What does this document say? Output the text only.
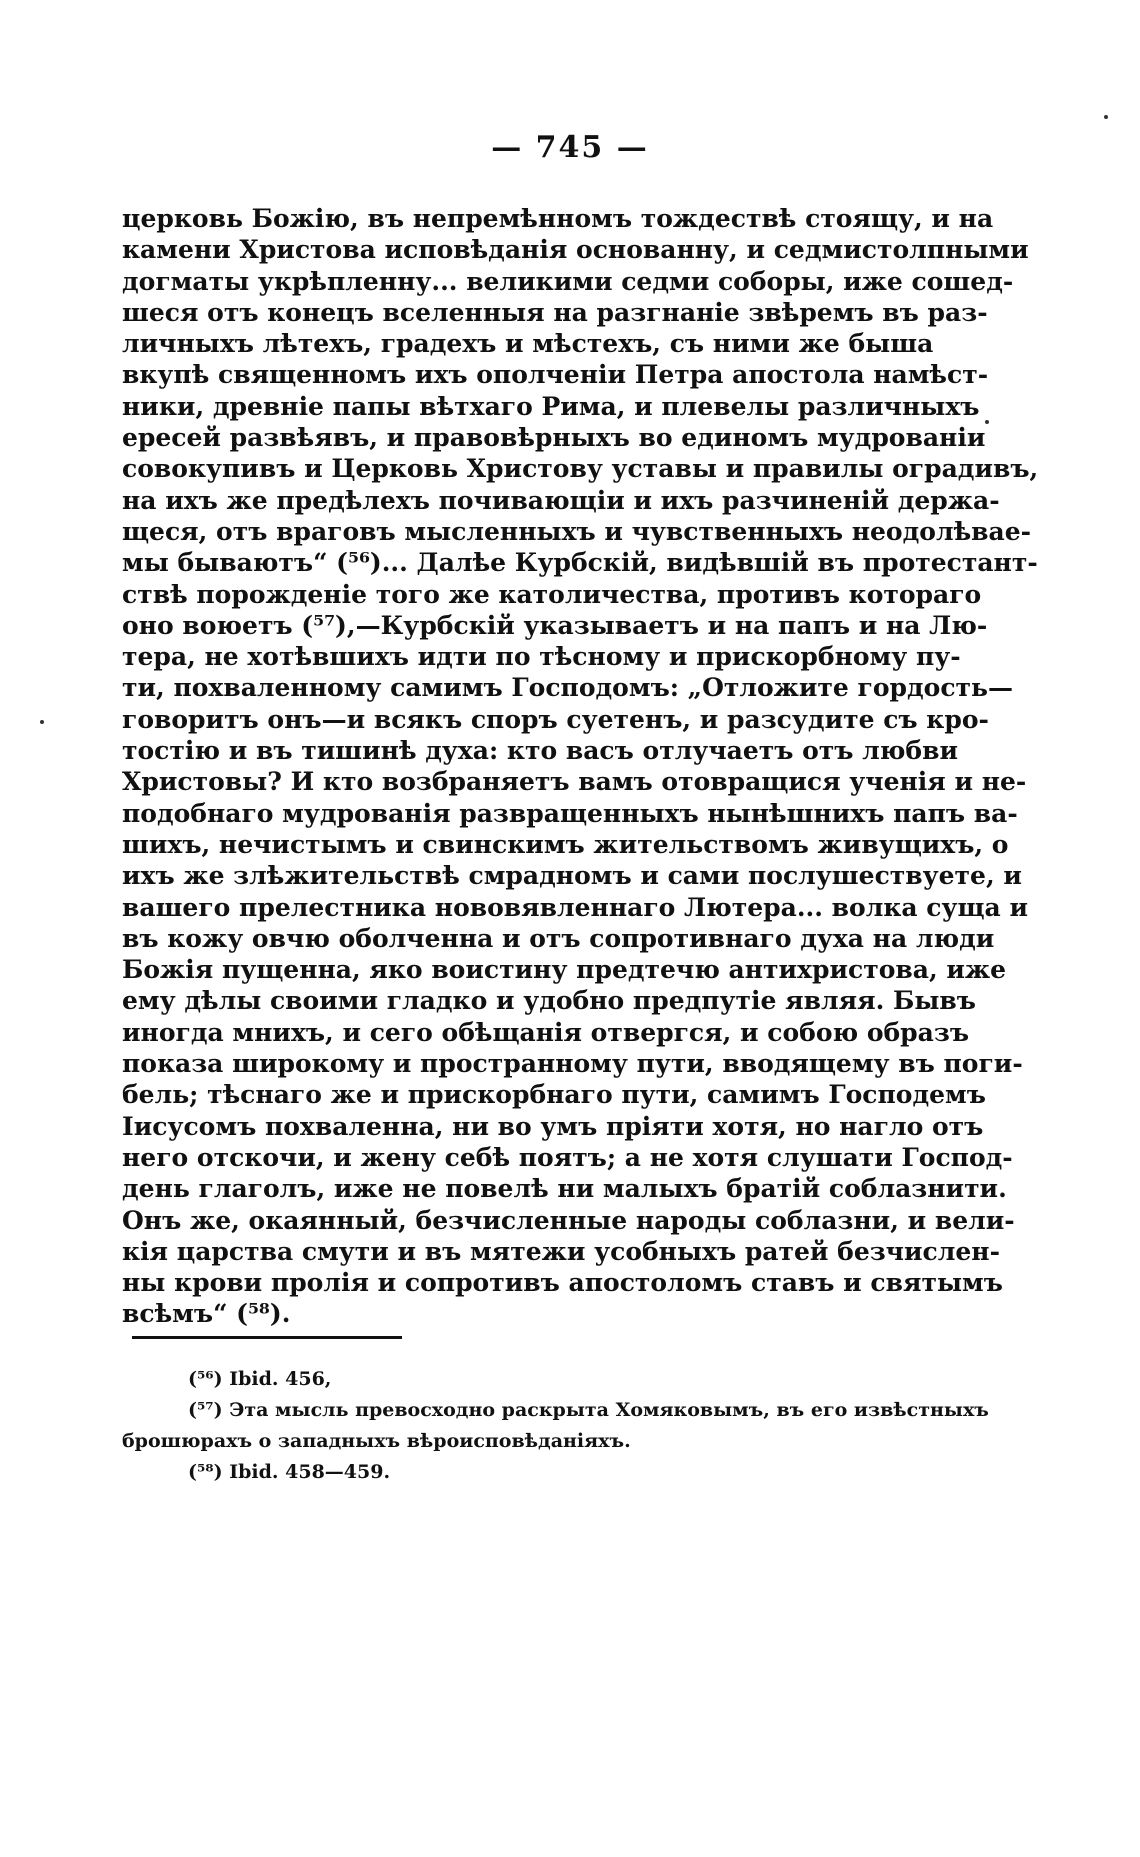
— 745 —
церковь Божію, въ непремѣнномъ тождествѣ стоящу, и на
камени Христова исповѣданія основанну, и седмистолпными
догматы укрѣпленну... великими седми соборы, иже сошед-
шеся отъ конецъ вселенныя на разгнаніе звѣремъ въ раз-
личныхъ лѣтехъ, градехъ и мѣстехъ, съ ними же быша
вкупѣ священномъ ихъ ополченіи Петра апостола намѣст-
ники, древніе папы вѣтхаго Рима, и плевелы различныхъ
ересей развѣявъ, и правовѣрныхъ во единомъ мудрованіи
совокупивъ и Церковь Христову уставы и правилы оградивъ,
на ихъ же предѣлехъ почивающіи и ихъ разчиненій держа-
щеся, отъ враговъ мысленныхъ и чувственныхъ неодолѣвае-
мы бываютъ“ (⁵⁶)... Далѣе Курбскій, видѣвшій въ протестант-
ствѣ порожденіе того же католичества, противъ котораго
оно воюетъ (⁵⁷),—Курбскій указываетъ и на папъ и на Лю-
тера, не хотѣвшихъ идти по тѣсному и прискорбному пу-
ти, похваленному самимъ Господомъ: „Отложите гордость—
говоритъ онъ—и всякъ споръ суетенъ, и разсудите съ кро-
тостію и въ тишинѣ духа: кто васъ отлучаетъ отъ любви
Христовы? И кто возбраняетъ вамъ отовращися ученія и не-
подобнаго мудрованія развращенныхъ нынѣшнихъ папъ ва-
шихъ, нечистымъ и свинскимъ жительствомъ живущихъ, о
ихъ же злѣжительствѣ смрадномъ и сами послушествуете, и
вашего прелестника нововявленнаго Лютера... волка суща и
въ кожу овчю оболченна и отъ сопротивнаго духа на люди
Божія пущенна, яко воистину предтечю антихристова, иже
ему дѣлы своими гладко и удобно предпутіе являя. Бывъ
иногда мнихъ, и сего обѣщанія отвергся, и собою образъ
показа широкому и пространному пути, вводящему въ поги-
бель; тѣснаго же и прискорбнаго пути, самимъ Господемъ
Іисусомъ похваленна, ни во умъ пріяти хотя, но нагло отъ
него отскочи, и жену себѣ поятъ; а не хотя слушати Господ-
день глаголъ, иже не повелѣ ни малыхъ братій соблазнити.
Онъ же, окаянный, безчисленные народы соблазни, и вели-
кія царства смути и въ мятежи усобныхъ ратей безчислен-
ны крови пролія и сопротивъ апостоломъ ставъ и святымъ
всѣмъ“ (⁵⁸).
(⁵⁶) Ibid. 456,
(⁵⁷) Эта мысль превосходно раскрыта Хомяковымъ, въ его извѣстныхъ
брошюрахъ о западныхъ вѣроисповѣданіяхъ.
(⁵⁸) Ibid. 458—459.
